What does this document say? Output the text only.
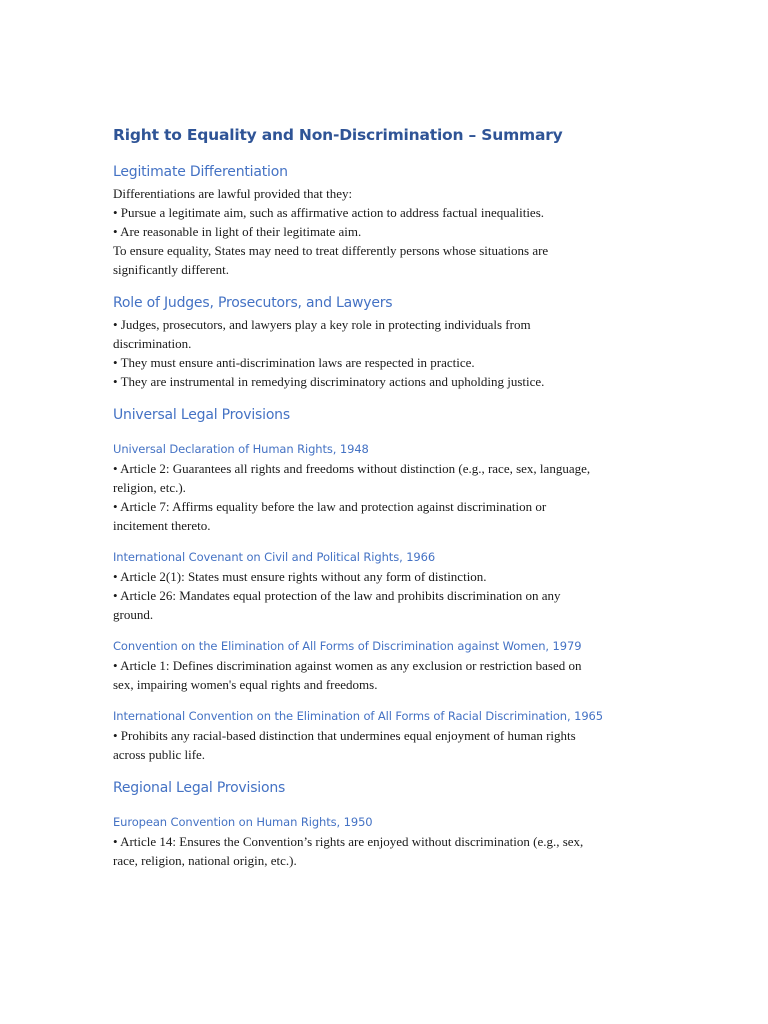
Right to Equality and Non-Discrimination – Summary
Legitimate Differentiation
Differentiations are lawful provided that they:
• Pursue a legitimate aim, such as affirmative action to address factual inequalities.
• Are reasonable in light of their legitimate aim.
To ensure equality, States may need to treat differently persons whose situations are
significantly different.
Role of Judges, Prosecutors, and Lawyers
• Judges, prosecutors, and lawyers play a key role in protecting individuals from
discrimination.
• They must ensure anti-discrimination laws are respected in practice.
• They are instrumental in remedying discriminatory actions and upholding justice.
Universal Legal Provisions
Universal Declaration of Human Rights, 1948
• Article 2: Guarantees all rights and freedoms without distinction (e.g., race, sex, language,
religion, etc.).
• Article 7: Affirms equality before the law and protection against discrimination or
incitement thereto.
International Covenant on Civil and Political Rights, 1966
• Article 2(1): States must ensure rights without any form of distinction.
• Article 26: Mandates equal protection of the law and prohibits discrimination on any
ground.
Convention on the Elimination of All Forms of Discrimination against Women, 1979
• Article 1: Defines discrimination against women as any exclusion or restriction based on
sex, impairing women's equal rights and freedoms.
International Convention on the Elimination of All Forms of Racial Discrimination, 1965
• Prohibits any racial-based distinction that undermines equal enjoyment of human rights
across public life.
Regional Legal Provisions
European Convention on Human Rights, 1950
• Article 14: Ensures the Convention’s rights are enjoyed without discrimination (e.g., sex,
race, religion, national origin, etc.).
